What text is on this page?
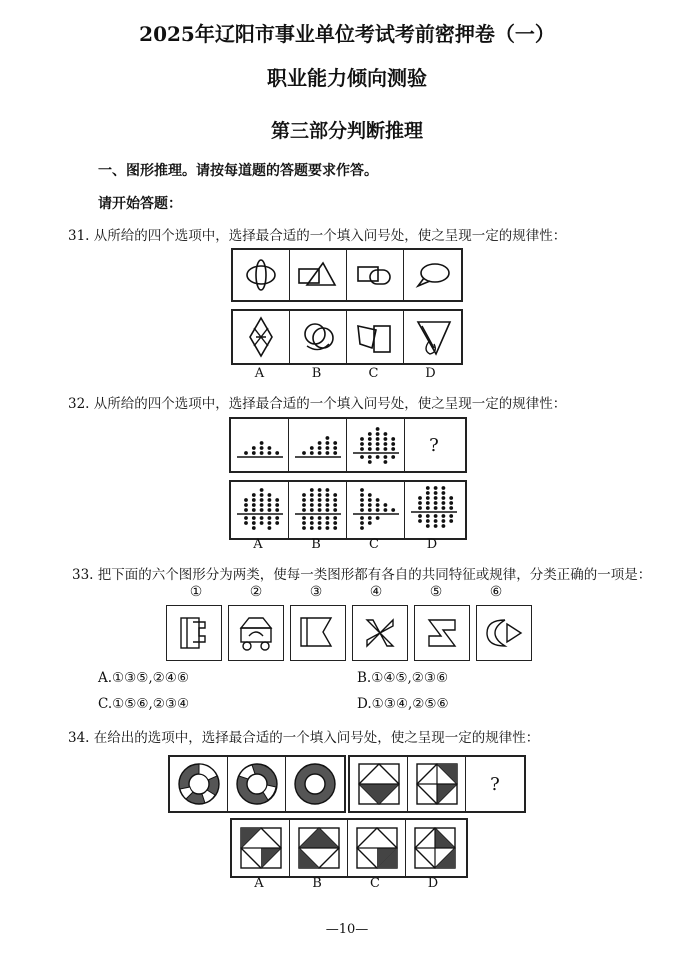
2025年辽阳市事业单位考试考前密押卷（一）
职业能力倾向测验
第三部分判断推理
一、图形推理。请按每道题的答题要求作答。
请开始答题：
31. 从所给的四个选项中，选择最合适的一个填入问号处，使之呈现一定的规律性：
A	B	C	D
32. 从所给的四个选项中，选择最合适的一个填入问号处，使之呈现一定的规律性：
?
A	B	C	D
33. 把下面的六个图形分为两类，使每一类图形都有各自的共同特征或规律，分类正确的一项是：
①	②	③	④	⑤	⑥
A.①③⑤,②④⑥	B.①④⑤,②③⑥
C.①⑤⑥,②③④	D.①③④,②⑤⑥
34. 在给出的选项中，选择最合适的一个填入问号处，使之呈现一定的规律性：
?
A	B	C	D
—10—
